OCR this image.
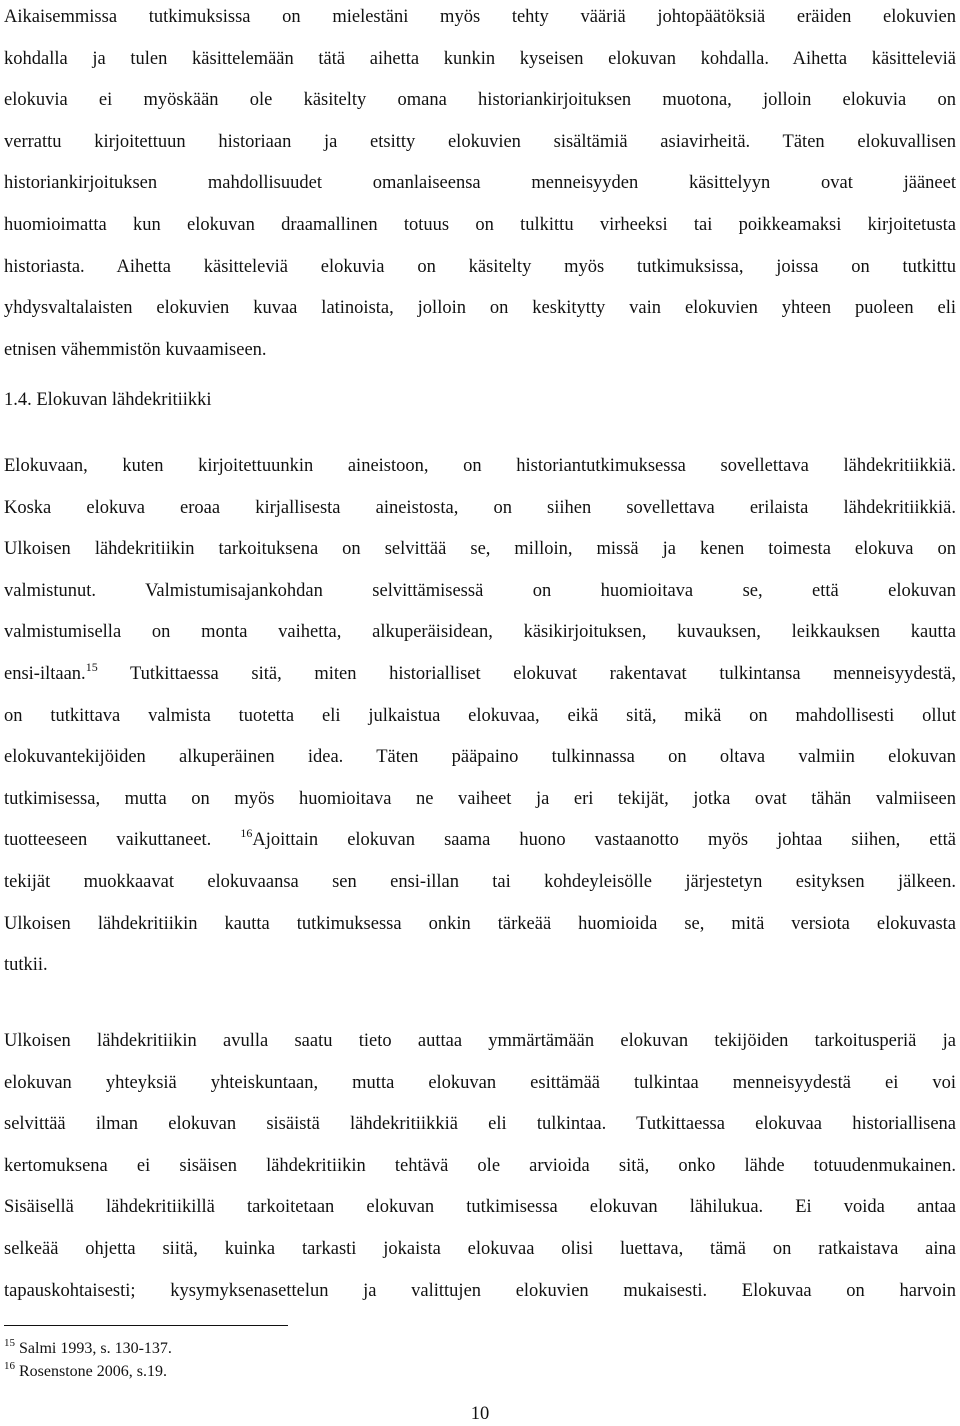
Aikaisemmissa tutkimuksissa on mielestäni myös tehty vääriä johtopäätöksiä eräiden elokuvien
kohdalla ja tulen käsittelemään tätä aihetta kunkin kyseisen elokuvan kohdalla. Aihetta käsitteleviä
elokuvia ei myöskään ole käsitelty omana historiankirjoituksen muotona, jolloin elokuvia on
verrattu kirjoitettuun historiaan ja etsitty elokuvien sisältämiä asiavirheitä. Täten elokuvallisen
historiankirjoituksen mahdollisuudet omanlaiseensa menneisyyden käsittelyyn ovat jääneet
huomioimatta kun elokuvan draamallinen totuus on tulkittu virheeksi tai poikkeamaksi kirjoitetusta
historiasta. Aihetta käsitteleviä elokuvia on käsitelty myös tutkimuksissa, joissa on tutkittu
yhdysvaltalaisten elokuvien kuvaa latinoista, jolloin on keskitytty vain elokuvien yhteen puoleen eli
etnisen vähemmistön kuvaamiseen.
1.4. Elokuvan lähdekritiikki
Elokuvaan, kuten kirjoitettuunkin aineistoon, on historiantutkimuksessa sovellettava lähdekritiikkiä.
Koska elokuva eroaa kirjallisesta aineistosta, on siihen sovellettava erilaista lähdekritiikkiä.
Ulkoisen lähdekritiikin tarkoituksena on selvittää se, milloin, missä ja kenen toimesta elokuva on
valmistunut. Valmistumisajankohdan selvittämisessä on huomioitava se, että elokuvan
valmistumisella on monta vaihetta, alkuperäisidean, käsikirjoituksen, kuvauksen, leikkauksen kautta
ensi-iltaan.$^{15}$ Tutkittaessa sitä, miten historialliset elokuvat rakentavat tulkintansa menneisyydestä,
on tutkittava valmista tuotetta eli julkaistua elokuvaa, eikä sitä, mikä on mahdollisesti ollut
elokuvantekijöiden alkuperäinen idea. Täten pääpaino tulkinnassa on oltava valmiin elokuvan
tutkimisessa, mutta on myös huomioitava ne vaiheet ja eri tekijät, jotka ovat tähän valmiiseen
tuotteeseen vaikuttaneet. $^{16}$Ajoittain elokuvan saama huono vastaanotto myös johtaa siihen, että
tekijät muokkaavat elokuvaansa sen ensi-illan tai kohdeyleisölle järjestetyn esityksen jälkeen.
Ulkoisen lähdekritiikin kautta tutkimuksessa onkin tärkeää huomioida se, mitä versiota elokuvasta
tutkii.
Ulkoisen lähdekritiikin avulla saatu tieto auttaa ymmärtämään elokuvan tekijöiden tarkoitusperiä ja
elokuvan yhteyksiä yhteiskuntaan, mutta elokuvan esittämää tulkintaa menneisyydestä ei voi
selvittää ilman elokuvan sisäistä lähdekritiikkiä eli tulkintaa. Tutkittaessa elokuvaa historiallisena
kertomuksena ei sisäisen lähdekritiikin tehtävä ole arvioida sitä, onko lähde totuudenmukainen.
Sisäisellä lähdekritiikillä tarkoitetaan elokuvan tutkimisessa elokuvan lähilukua. Ei voida antaa
selkeää ohjetta siitä, kuinka tarkasti jokaista elokuvaa olisi luettava, tämä on ratkaistava aina
tapauskohtaisesti; kysymyksenasettelun ja valittujen elokuvien mukaisesti. Elokuvaa on harvoin
$^{15}$ Salmi 1993, s. 130-137.
$^{16}$ Rosenstone 2006, s.19.
10
